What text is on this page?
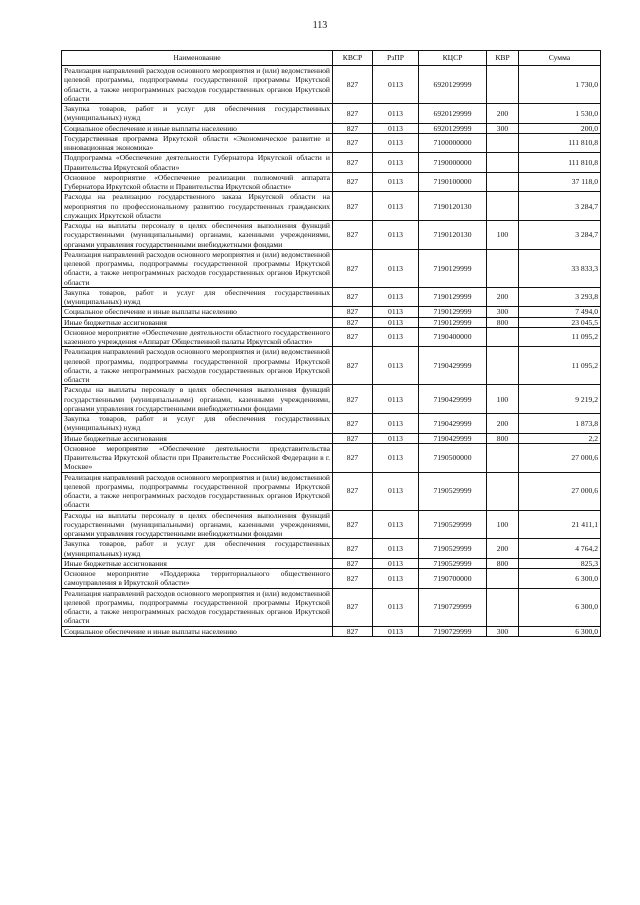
113
Наименование	КВСР	РзПР	КЦСР	КВР	Сумма
Реализация направлений расходов основного мероприятия и (или) ведомственной целевой программы, подпрограммы государственной программы Иркутской области, а также непрограммных расходов государственных органов Иркутской области	827	0113	6920129999		1 730,0
Закупка товаров, работ и услуг для обеспечения государственных (муниципальных) нужд	827	0113	6920129999	200	1 530,0
Социальное обеспечение и иные выплаты населению	827	0113	6920129999	300	200,0
Государственная программа Иркутской области «Экономическое развитие и инновационная экономика»	827	0113	7100000000		111 810,8
Подпрограмма «Обеспечение деятельности Губернатора Иркутской области и Правительства Иркутской области»	827	0113	7190000000		111 810,8
Основное мероприятие «Обеспечение реализации полномочий аппарата Губернатора Иркутской области и Правительства Иркутской области»	827	0113	7190100000		37 118,0
Расходы на реализацию государственного заказа Иркутской области на мероприятия по профессиональному развитию государственных гражданских служащих Иркутской области	827	0113	7190120130		3 284,7
Расходы на выплаты персоналу в целях обеспечения выполнения функций государственными (муниципальными) органами, казенными учреждениями, органами управления государственными внебюджетными фондами	827	0113	7190120130	100	3 284,7
Реализация направлений расходов основного мероприятия и (или) ведомственной целевой программы, подпрограммы государственной программы Иркутской области, а также непрограммных расходов государственных органов Иркутской области	827	0113	7190129999		33 833,3
Закупка товаров, работ и услуг для обеспечения государственных (муниципальных) нужд	827	0113	7190129999	200	3 293,8
Социальное обеспечение и иные выплаты населению	827	0113	7190129999	300	7 494,0
Иные бюджетные ассигнования	827	0113	7190129999	800	23 045,5
Основное мероприятие «Обеспечение деятельности областного государственного казенного учреждения «Аппарат Общественной палаты Иркутской области»	827	0113	7190400000		11 095,2
Реализация направлений расходов основного мероприятия и (или) ведомственной целевой программы, подпрограммы государственной программы Иркутской области, а также непрограммных расходов государственных органов Иркутской области	827	0113	7190429999		11 095,2
Расходы на выплаты персоналу в целях обеспечения выполнения функций государственными (муниципальными) органами, казенными учреждениями, органами управления государственными внебюджетными фондами	827	0113	7190429999	100	9 219,2
Закупка товаров, работ и услуг для обеспечения государственных (муниципальных) нужд	827	0113	7190429999	200	1 873,8
Иные бюджетные ассигнования	827	0113	7190429999	800	2,2
Основное мероприятие «Обеспечение деятельности представительства Правительства Иркутской области при Правительстве Российской Федерации в г. Москве»	827	0113	7190500000		27 000,6
Реализация направлений расходов основного мероприятия и (или) ведомственной целевой программы, подпрограммы государственной программы Иркутской области, а также непрограммных расходов государственных органов Иркутской области	827	0113	7190529999		27 000,6
Расходы на выплаты персоналу в целях обеспечения выполнения функций государственными (муниципальными) органами, казенными учреждениями, органами управления государственными внебюджетными фондами	827	0113	7190529999	100	21 411,1
Закупка товаров, работ и услуг для обеспечения государственных (муниципальных) нужд	827	0113	7190529999	200	4 764,2
Иные бюджетные ассигнования	827	0113	7190529999	800	825,3
Основное мероприятие «Поддержка территориального общественного самоуправления в Иркутской области»	827	0113	7190700000		6 300,0
Реализация направлений расходов основного мероприятия и (или) ведомственной целевой программы, подпрограммы государственной программы Иркутской области, а также непрограммных расходов государственных органов Иркутской области	827	0113	7190729999		6 300,0
Социальное обеспечение и иные выплаты населению	827	0113	7190729999	300	6 300,0
